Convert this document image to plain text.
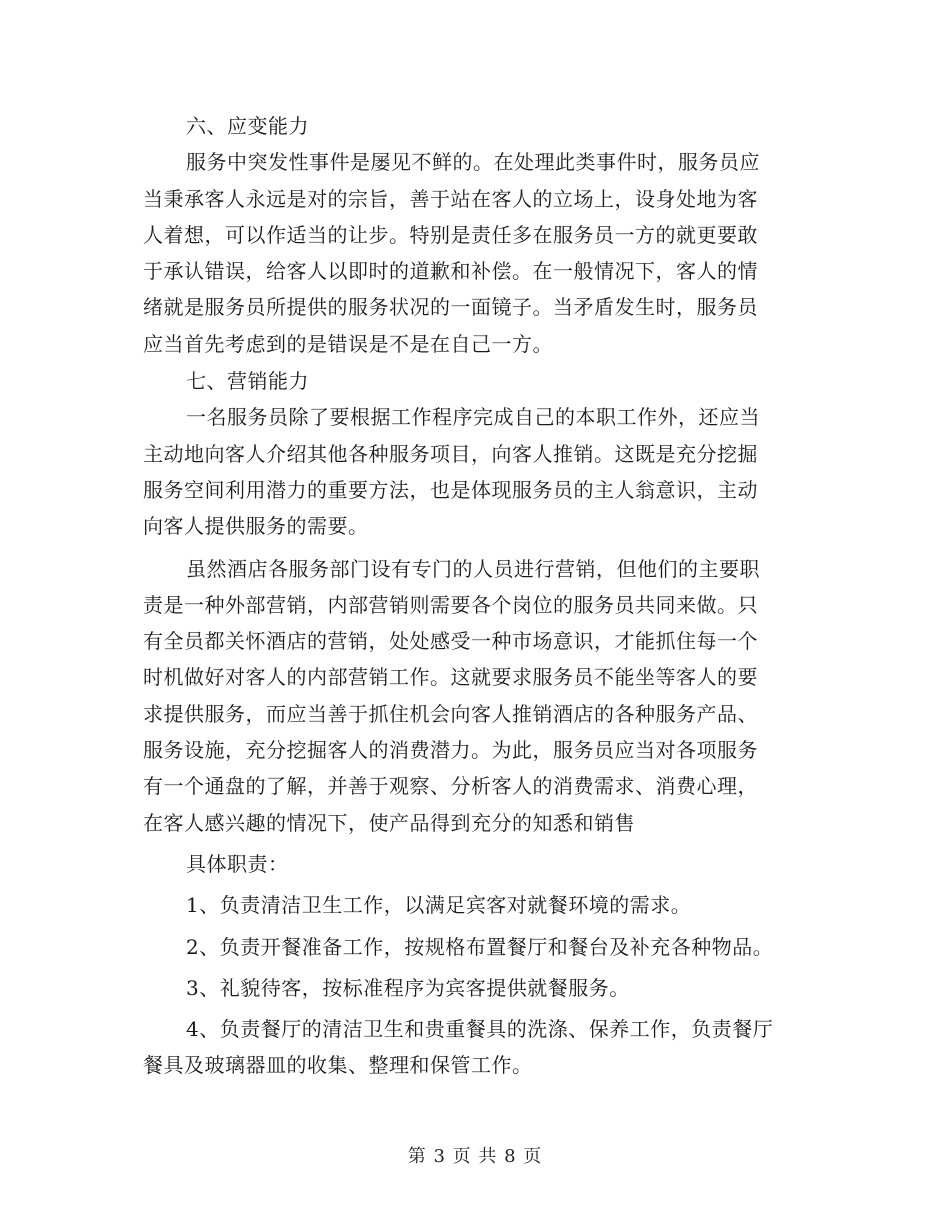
六、应变能力
服务中突发性事件是屡见不鲜的。在处理此类事件时，服务员应
当秉承客人永远是对的宗旨，善于站在客人的立场上，设身处地为客
人着想，可以作适当的让步。特别是责任多在服务员一方的就更要敢
于承认错误，给客人以即时的道歉和补偿。在一般情况下，客人的情
绪就是服务员所提供的服务状况的一面镜子。当矛盾发生时，服务员
应当首先考虑到的是错误是不是在自己一方。
七、营销能力
一名服务员除了要根据工作程序完成自己的本职工作外，还应当
主动地向客人介绍其他各种服务项目，向客人推销。这既是充分挖掘
服务空间利用潜力的重要方法，也是体现服务员的主人翁意识，主动
向客人提供服务的需要。
虽然酒店各服务部门设有专门的人员进行营销，但他们的主要职
责是一种外部营销，内部营销则需要各个岗位的服务员共同来做。只
有全员都关怀酒店的营销，处处感受一种市场意识，才能抓住每一个
时机做好对客人的内部营销工作。这就要求服务员不能坐等客人的要
求提供服务，而应当善于抓住机会向客人推销酒店的各种服务产品、
服务设施，充分挖掘客人的消费潜力。为此，服务员应当对各项服务
有一个通盘的了解，并善于观察、分析客人的消费需求、消费心理，
在客人感兴趣的情况下，使产品得到充分的知悉和销售
具体职责：
1、负责清洁卫生工作，以满足宾客对就餐环境的需求。
2、负责开餐准备工作，按规格布置餐厅和餐台及补充各种物品。
3、礼貌待客，按标准程序为宾客提供就餐服务。
4、负责餐厅的清洁卫生和贵重餐具的洗涤、保养工作，负责餐厅
餐具及玻璃器皿的收集、整理和保管工作。
第 3 页 共 8 页
